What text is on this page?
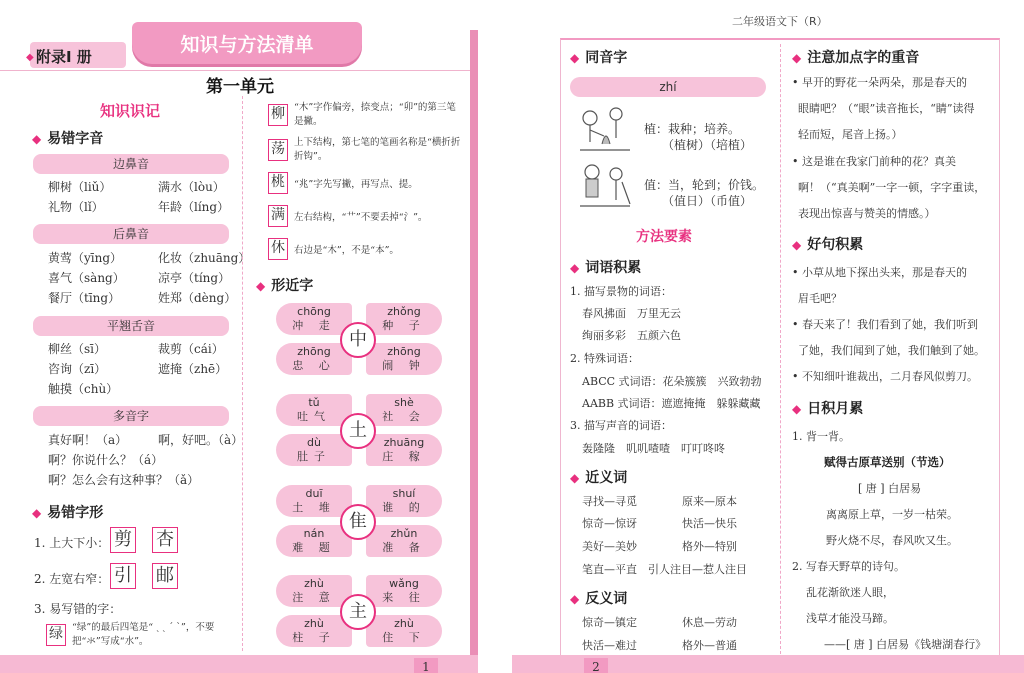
1
附录Ⅰ 册
◆
知识与方法清单
第一单元
知识识记
◆ 易错字音
边鼻音
柳树（liǔ）	满水（lòu）
礼物（lǐ）	年龄（líng）
后鼻音
黄莺（yīng）	化妆（zhuāng）
喜气（sàng）	凉亭（tíng）
餐厅（tīng）	姓郑（dèng）
平翘舌音
柳丝（sī）	裁剪（cái）
咨询（zī）	遮掩（zhē）
触摸（chù）
多音字
真好啊！（a）	啊，好吧。（à）
啊？你说什么？（á）
啊？怎么会有这种事？（ǎ）
◆ 易错字形
1. 上大下小： 剪 杏
2. 左宽右窄： 引 邮
3. 易写错的字：
绿 “绿”的最后四笔是“ ˎ ˏ ˊ ˋ”，不要把“氺”写成“水”。
柳 “木”字作偏旁，捺变点；“卯”的第三笔是撇。
荡 上下结构，第七笔的笔画名称是“横折折折钩”。
桃 “兆”字先写撇，再写点、提。
满 左右结构，“艹”不要丢掉“氵”。
休 右边是“木”，不是“本”。
◆ 形近字
chōng
冲 走
zhǒng
种 子
zhōng
忠 心
zhōng
闹 钟
中
tǔ
吐气
shè
社 会
dù
肚子
zhuāng
庄 稼
土
duī
土 堆
shuí
谁 的
nán
难 题
zhǔn
准 备
隹
zhù
注 意
wǎng
来 往
zhù
柱 子
zhù
住 下
主
2
二年级语文下（R）
◆ 同音字
zhí
植：栽种；培养。
（植树）（培植）
值：当，轮到；价钱。
（值日）（币值）
方法要素
◆ 词语积累
1. 描写景物的词语：
春风拂面　万里无云
绚丽多彩　五颜六色
2. 特殊词语：
ABCC 式词语：花朵簇簇　兴致勃勃
AABB 式词语：遮遮掩掩　躲躲藏藏
3. 描写声音的词语：
轰隆隆　叽叽喳喳　叮叮咚咚
◆ 近义词
寻找—寻觅	原来—原本
惊奇—惊讶	快活—快乐
美好—美妙	格外—特别
笔直—平直　引人注目—惹人注目
◆ 反义词
惊奇—镇定	休息—劳动
快活—难过	格外—普通
◆ 注意加点字的重音
• 早开的野花一朵两朵，那是春天的
眼睛吧？（“眼”读音拖长，“睛”读得
轻而短，尾音上扬。）
• 这是谁在我家门前种的花？真美
啊！（“真美啊”一字一顿，字字重读，
表现出惊喜与赞美的情感。）
◆ 好句积累
• 小草从地下探出头来，那是春天的
眉毛吧？
• 春天来了！我们看到了她，我们听到
了她，我们闻到了她，我们触到了她。
• 不知细叶谁裁出，二月春风似剪刀。
◆ 日积月累
1. 背一背。
赋得古原草送别（节选）
[ 唐 ] 白居易
离离原上草，一岁一枯荣。
野火烧不尽，春风吹又生。
2. 写春天野草的诗句。
乱花渐欲迷人眼，
浅草才能没马蹄。
——[ 唐 ] 白居易《钱塘湖春行》
